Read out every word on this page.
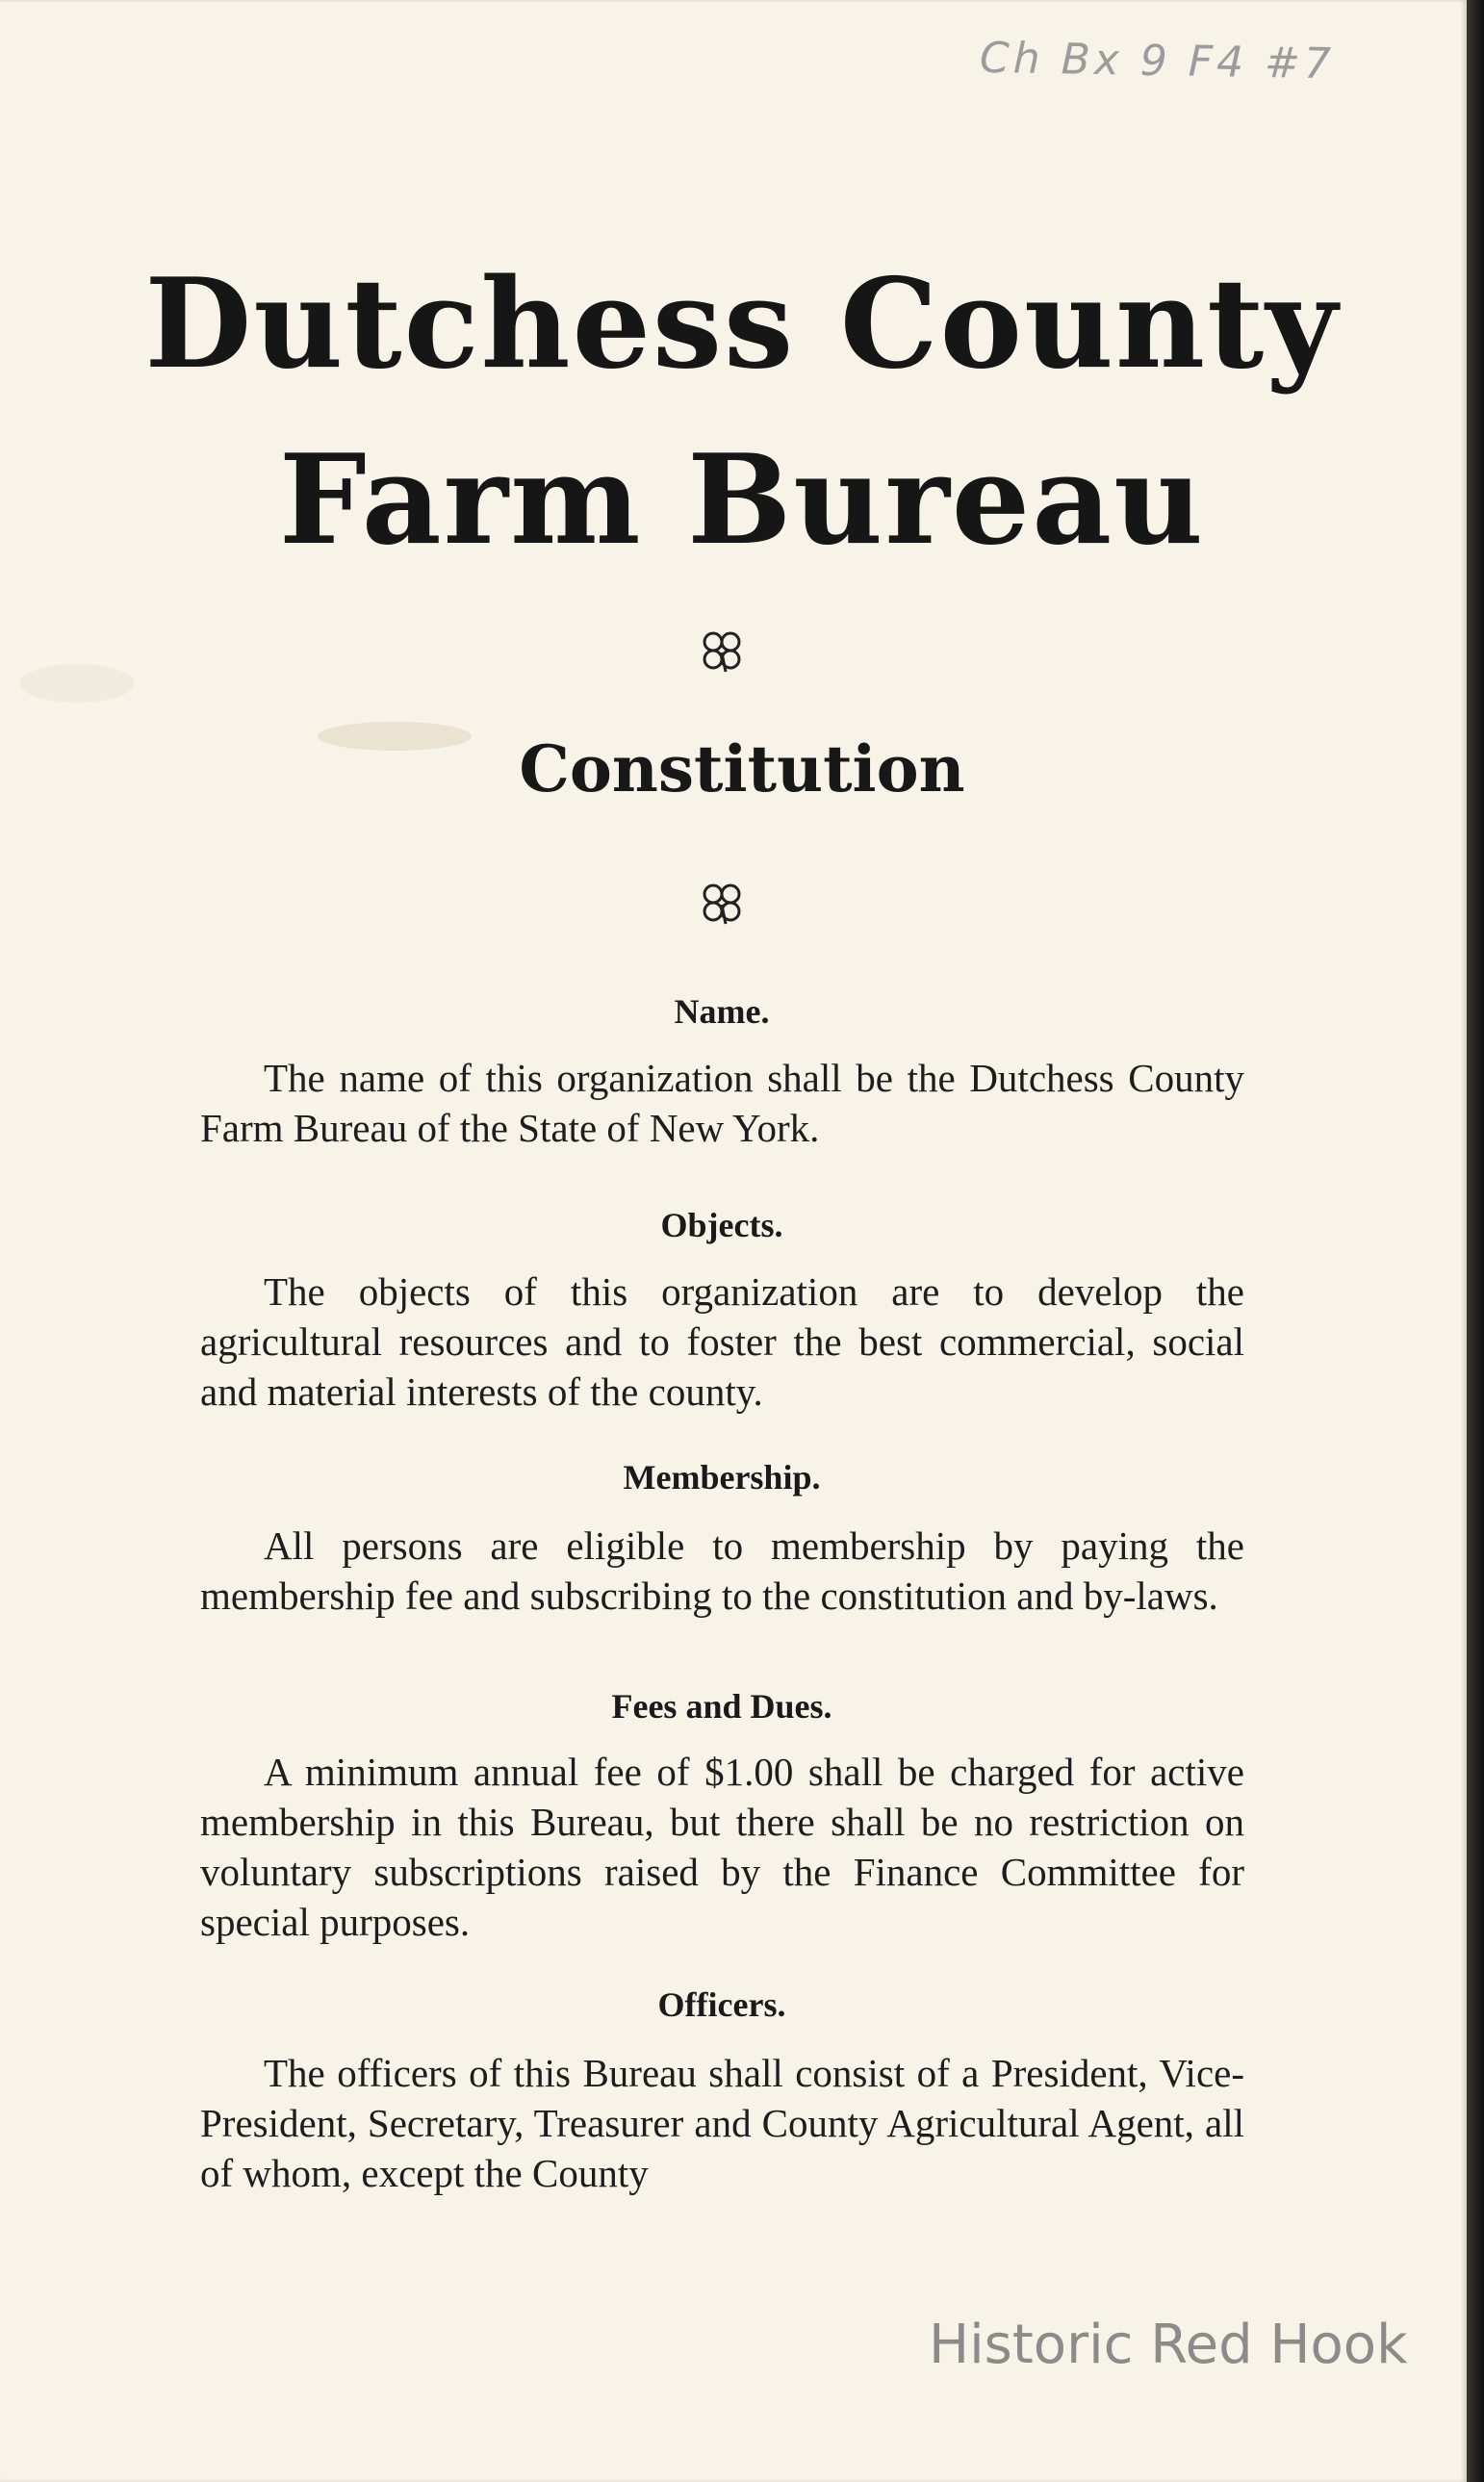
Ch Bx 9 F4 #7
Dutchess County
Farm Bureau
Constitution
Name.
The name of this organization shall be the Dutchess County Farm Bureau of the State of New York.
Objects.
The objects of this organization are to develop the agricultural resources and to foster the best commercial, social and material interests of the county.
Membership.
All persons are eligible to membership by paying the membership fee and subscribing to the constitution and by-laws.
Fees and Dues.
A minimum annual fee of $1.00 shall be charged for active membership in this Bureau, but there shall be no restriction on voluntary subscriptions raised by the Finance Committee for special purposes.
Officers.
The officers of this Bureau shall consist of a President, Vice-President, Secretary, Treasurer and County Agricultural Agent, all of whom, except the County
Historic Red Hook
